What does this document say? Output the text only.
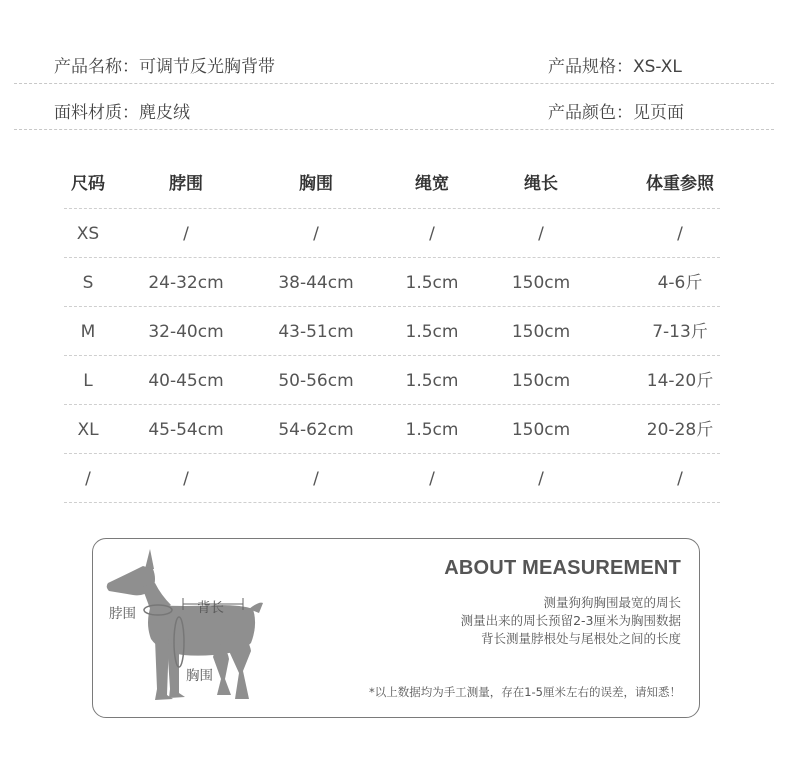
产品名称：可调节反光胸背带	产品规格：XS-XL
面料材质：麂皮绒	产品颜色：见页面
尺码	脖围	胸围	绳宽	绳长	体重参照
XS	/	/	/	/	/
S	24-32cm	38-44cm	1.5cm	150cm	4-6斤
M	32-40cm	43-51cm	1.5cm	150cm	7-13斤
L	40-45cm	50-56cm	1.5cm	150cm	14-20斤
XL	45-54cm	54-62cm	1.5cm	150cm	20-28斤
/	/	/	/	/	/
脖围	背长
胸围
ABOUT MEASUREMENT
测量狗狗胸围最宽的周长
测量出来的周长预留2-3厘米为胸围数据
背长测量脖根处与尾根处之间的长度
*以上数据均为手工测量，存在1-5厘米左右的误差，请知悉！
